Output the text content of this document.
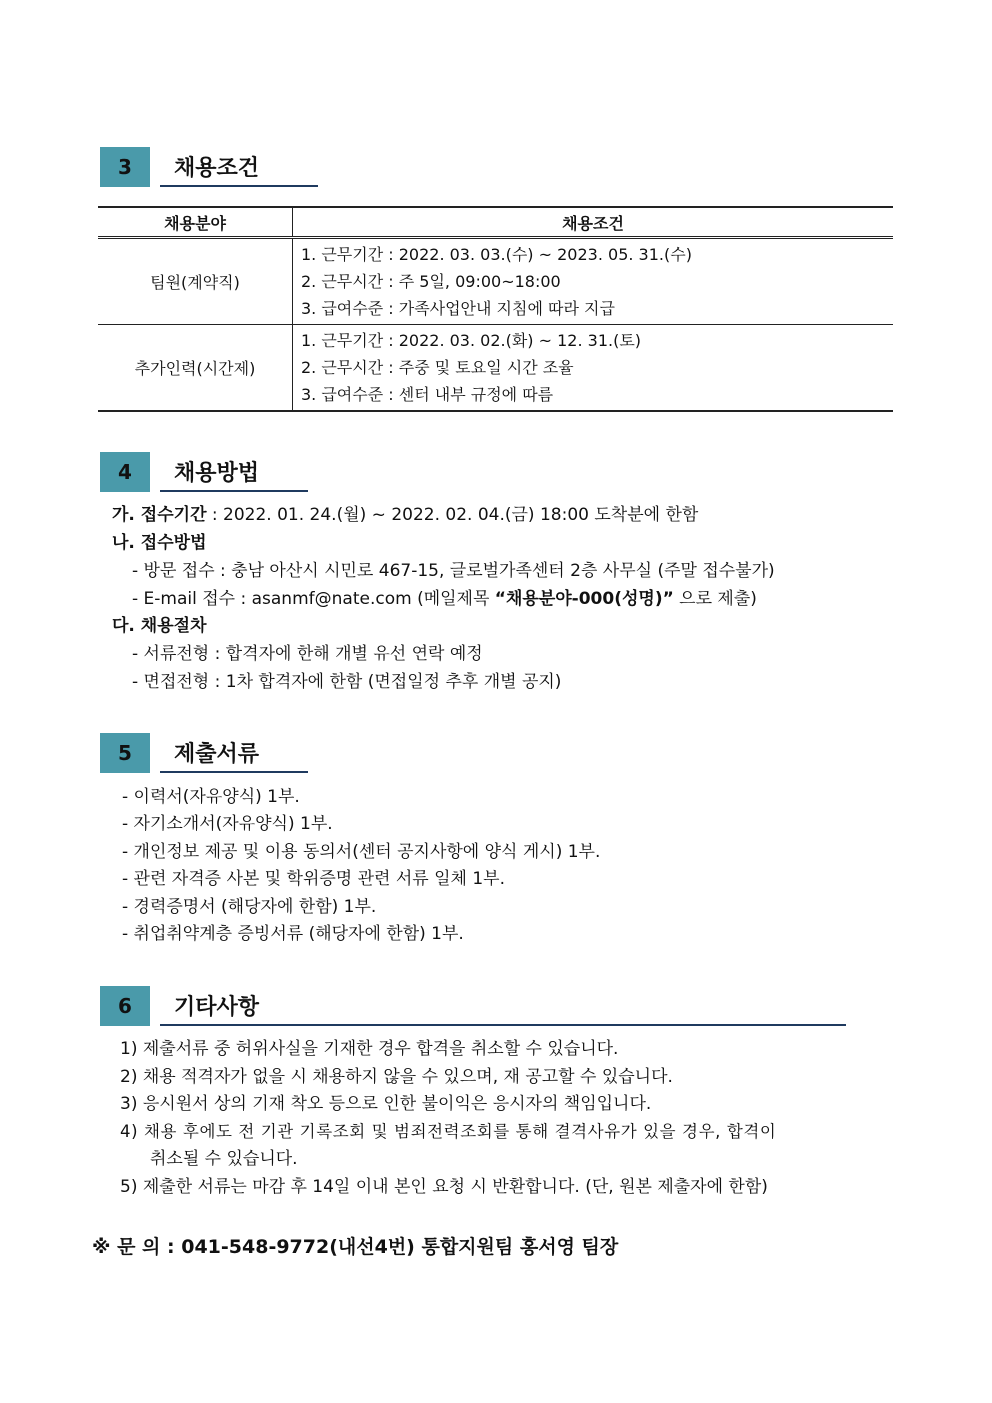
3	채용조건
채용분야	채용조건
팀원(계약직)	1. 근무기간 : 2022. 03. 03.(수) ~ 2023. 05. 31.(수)
2. 근무시간 : 주 5일, 09:00~18:00
3. 급여수준 : 가족사업안내 지침에 따라 지급

추가인력(시간제)	1. 근무기간 : 2022. 03. 02.(화) ~ 12. 31.(토)
2. 근무시간 : 주중 및 토요일 시간 조율
3. 급여수준 : 센터 내부 규정에 따름
4	채용방법
가. 접수기간 : 2022. 01. 24.(월) ~ 2022. 02. 04.(금) 18:00 도착분에 한함
나. 접수방법
- 방문 접수 : 충남 아산시 시민로 467-15, 글로벌가족센터 2층 사무실 (주말 접수불가)
- E-mail 접수 : asanmf@nate.com (메일제목 “채용분야-000(성명)” 으로 제출)
다. 채용절차
- 서류전형 : 합격자에 한해 개별 유선 연락 예정
- 면접전형 : 1차 합격자에 한함 (면접일정 추후 개별 공지)
5	제출서류
- 이력서(자유양식) 1부.
- 자기소개서(자유양식) 1부.
- 개인정보 제공 및 이용 동의서(센터 공지사항에 양식 게시) 1부.
- 관련 자격증 사본 및 학위증명 관련 서류 일체 1부.
- 경력증명서 (해당자에 한함) 1부.
- 취업취약계층 증빙서류 (해당자에 한함) 1부.
6	기타사항
1) 제출서류 중 허위사실을 기재한 경우 합격을 취소할 수 있습니다.
2) 채용 적격자가 없을 시 채용하지 않을 수 있으며, 재 공고할 수 있습니다.
3) 응시원서 상의 기재 착오 등으로 인한 불이익은 응시자의 책임입니다.
4) 채용 후에도 전 기관 기록조회 및 범죄전력조회를 통해 결격사유가 있을 경우, 합격이
취소될 수 있습니다.
5) 제출한 서류는 마감 후 14일 이내 본인 요청 시 반환합니다. (단, 원본 제출자에 한함)
※ 문 의 : 041-548-9772(내선4번) 통합지원팀 홍서영 팀장
